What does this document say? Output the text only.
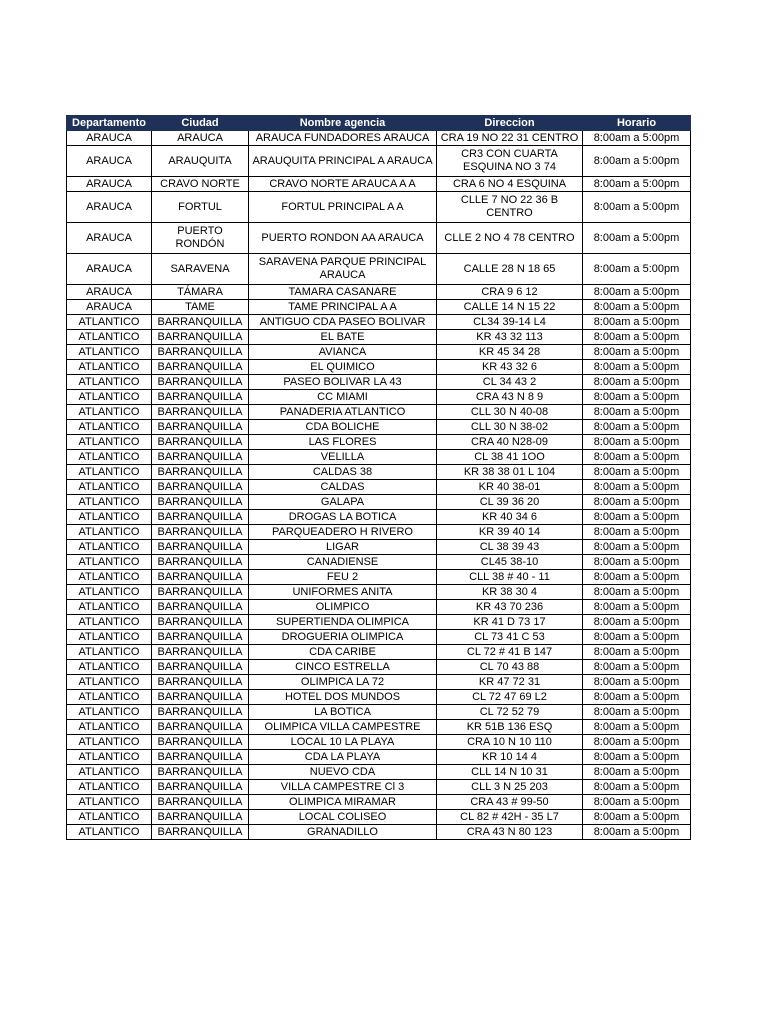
Departamento	Ciudad	Nombre agencia	Direccion	Horario
ARAUCA	ARAUCA	ARAUCA FUNDADORES ARAUCA	CRA 19 NO 22 31 CENTRO	8:00am a 5:00pm
ARAUCA	ARAUQUITA	ARAUQUITA PRINCIPAL A ARAUCA	CR3 CON CUARTA ESQUINA NO 3 74	8:00am a 5:00pm
ARAUCA	CRAVO NORTE	CRAVO NORTE ARAUCA A A	CRA 6 NO 4 ESQUINA	8:00am a 5:00pm
ARAUCA	FORTUL	FORTUL PRINCIPAL A A	CLLE 7 NO 22 36 B CENTRO	8:00am a 5:00pm
ARAUCA	PUERTO RONDÓN	PUERTO RONDON AA ARAUCA	CLLE 2 NO 4 78 CENTRO	8:00am a 5:00pm
ARAUCA	SARAVENA	SARAVENA PARQUE PRINCIPAL ARAUCA	CALLE 28 N 18 65	8:00am a 5:00pm
ARAUCA	TÁMARA	TAMARA CASANARE	CRA 9 6 12	8:00am a 5:00pm
ARAUCA	TAME	TAME PRINCIPAL A A	CALLE 14 N 15 22	8:00am a 5:00pm
ATLANTICO	BARRANQUILLA	ANTIGUO CDA PASEO BOLIVAR	CL34 39-14 L4	8:00am a 5:00pm
ATLANTICO	BARRANQUILLA	EL BATE	KR 43 32 113	8:00am a 5:00pm
ATLANTICO	BARRANQUILLA	AVIANCA	KR 45 34 28	8:00am a 5:00pm
ATLANTICO	BARRANQUILLA	EL QUIMICO	KR 43 32 6	8:00am a 5:00pm
ATLANTICO	BARRANQUILLA	PASEO BOLIVAR LA 43	CL 34 43 2	8:00am a 5:00pm
ATLANTICO	BARRANQUILLA	CC MIAMI	CRA 43 N 8 9	8:00am a 5:00pm
ATLANTICO	BARRANQUILLA	PANADERIA ATLANTICO	CLL 30 N 40-08	8:00am a 5:00pm
ATLANTICO	BARRANQUILLA	CDA BOLICHE	CLL 30 N 38-02	8:00am a 5:00pm
ATLANTICO	BARRANQUILLA	LAS FLORES	CRA 40 N28-09	8:00am a 5:00pm
ATLANTICO	BARRANQUILLA	VELILLA	CL 38 41 1OO	8:00am a 5:00pm
ATLANTICO	BARRANQUILLA	CALDAS 38	KR 38 38 01 L 104	8:00am a 5:00pm
ATLANTICO	BARRANQUILLA	CALDAS	KR 40 38-01	8:00am a 5:00pm
ATLANTICO	BARRANQUILLA	GALAPA	CL 39 36 20	8:00am a 5:00pm
ATLANTICO	BARRANQUILLA	DROGAS LA BOTICA	KR 40 34 6	8:00am a 5:00pm
ATLANTICO	BARRANQUILLA	PARQUEADERO H RIVERO	KR 39 40 14	8:00am a 5:00pm
ATLANTICO	BARRANQUILLA	LIGAR	CL 38 39 43	8:00am a 5:00pm
ATLANTICO	BARRANQUILLA	CANADIENSE	CL45 38-10	8:00am a 5:00pm
ATLANTICO	BARRANQUILLA	FEU 2	CLL 38 # 40 - 11	8:00am a 5:00pm
ATLANTICO	BARRANQUILLA	UNIFORMES ANITA	KR 38 30 4	8:00am a 5:00pm
ATLANTICO	BARRANQUILLA	OLIMPICO	KR 43 70 236	8:00am a 5:00pm
ATLANTICO	BARRANQUILLA	SUPERTIENDA OLIMPICA	KR 41 D 73 17	8:00am a 5:00pm
ATLANTICO	BARRANQUILLA	DROGUERIA OLIMPICA	CL 73 41 C 53	8:00am a 5:00pm
ATLANTICO	BARRANQUILLA	CDA CARIBE	CL 72 # 41 B 147	8:00am a 5:00pm
ATLANTICO	BARRANQUILLA	CINCO ESTRELLA	CL 70 43 88	8:00am a 5:00pm
ATLANTICO	BARRANQUILLA	OLIMPICA LA 72	KR 47 72 31	8:00am a 5:00pm
ATLANTICO	BARRANQUILLA	HOTEL DOS MUNDOS	CL 72 47 69 L2	8:00am a 5:00pm
ATLANTICO	BARRANQUILLA	LA BOTICA	CL 72 52 79	8:00am a 5:00pm
ATLANTICO	BARRANQUILLA	OLIMPICA VILLA CAMPESTRE	KR 51B 136 ESQ	8:00am a 5:00pm
ATLANTICO	BARRANQUILLA	LOCAL 10 LA PLAYA	CRA 10 N 10 110	8:00am a 5:00pm
ATLANTICO	BARRANQUILLA	CDA LA PLAYA	KR 10 14 4	8:00am a 5:00pm
ATLANTICO	BARRANQUILLA	NUEVO CDA	CLL 14 N 10 31	8:00am a 5:00pm
ATLANTICO	BARRANQUILLA	VILLA CAMPESTRE Cl 3	CLL 3 N 25 203	8:00am a 5:00pm
ATLANTICO	BARRANQUILLA	OLIMPICA MIRAMAR	CRA 43 # 99-50	8:00am a 5:00pm
ATLANTICO	BARRANQUILLA	LOCAL COLISEO	CL 82 # 42H - 35 L7	8:00am a 5:00pm
ATLANTICO	BARRANQUILLA	GRANADILLO	CRA 43 N 80 123	8:00am a 5:00pm
